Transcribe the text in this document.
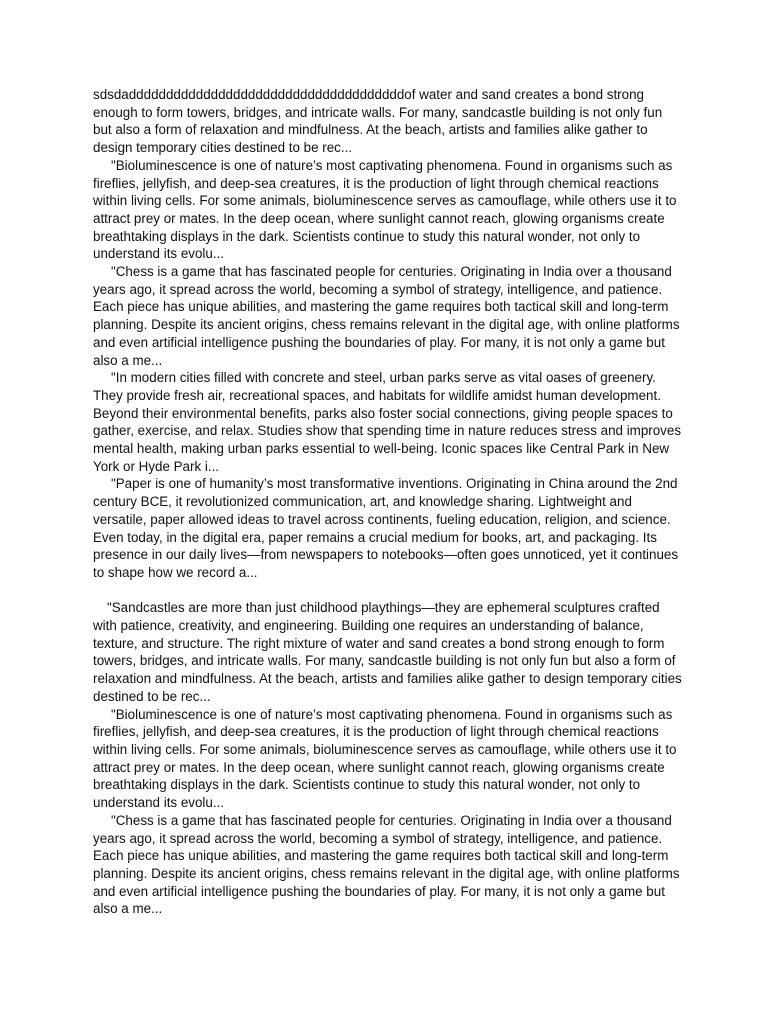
sdsdadddddddddddddddddddddddddddddddddddddof water and sand creates a bond strong enough to form towers, bridges, and intricate walls. For many, sandcastle building is not only fun but also a form of relaxation and mindfulness. At the beach, artists and families alike gather to design temporary cities destined to be rec...

"Bioluminescence is one of nature’s most captivating phenomena. Found in organisms such as fireflies, jellyfish, and deep-sea creatures, it is the production of light through chemical reactions within living cells. For some animals, bioluminescence serves as camouflage, while others use it to attract prey or mates. In the deep ocean, where sunlight cannot reach, glowing organisms create breathtaking displays in the dark. Scientists continue to study this natural wonder, not only to understand its evolu...

"Chess is a game that has fascinated people for centuries. Originating in India over a thousand years ago, it spread across the world, becoming a symbol of strategy, intelligence, and patience. Each piece has unique abilities, and mastering the game requires both tactical skill and long-term planning. Despite its ancient origins, chess remains relevant in the digital age, with online platforms and even artificial intelligence pushing the boundaries of play. For many, it is not only a game but also a me...

"In modern cities filled with concrete and steel, urban parks serve as vital oases of greenery. They provide fresh air, recreational spaces, and habitats for wildlife amidst human development. Beyond their environmental benefits, parks also foster social connections, giving people spaces to gather, exercise, and relax. Studies show that spending time in nature reduces stress and improves mental health, making urban parks essential to well-being. Iconic spaces like Central Park in New York or Hyde Park i...

"Paper is one of humanity’s most transformative inventions. Originating in China around the 2nd century BCE, it revolutionized communication, art, and knowledge sharing. Lightweight and versatile, paper allowed ideas to travel across continents, fueling education, religion, and science. Even today, in the digital era, paper remains a crucial medium for books, art, and packaging. Its presence in our daily lives—from newspapers to notebooks—often goes unnoticed, yet it continues to shape how we record a...

"Sandcastles are more than just childhood playthings—they are ephemeral sculptures crafted with patience, creativity, and engineering. Building one requires an understanding of balance, texture, and structure. The right mixture of water and sand creates a bond strong enough to form towers, bridges, and intricate walls. For many, sandcastle building is not only fun but also a form of relaxation and mindfulness. At the beach, artists and families alike gather to design temporary cities destined to be rec...

"Bioluminescence is one of nature’s most captivating phenomena. Found in organisms such as fireflies, jellyfish, and deep-sea creatures, it is the production of light through chemical reactions within living cells. For some animals, bioluminescence serves as camouflage, while others use it to attract prey or mates. In the deep ocean, where sunlight cannot reach, glowing organisms create breathtaking displays in the dark. Scientists continue to study this natural wonder, not only to understand its evolu...

"Chess is a game that has fascinated people for centuries. Originating in India over a thousand years ago, it spread across the world, becoming a symbol of strategy, intelligence, and patience. Each piece has unique abilities, and mastering the game requires both tactical skill and long-term planning. Despite its ancient origins, chess remains relevant in the digital age, with online platforms and even artificial intelligence pushing the boundaries of play. For many, it is not only a game but also a me...
